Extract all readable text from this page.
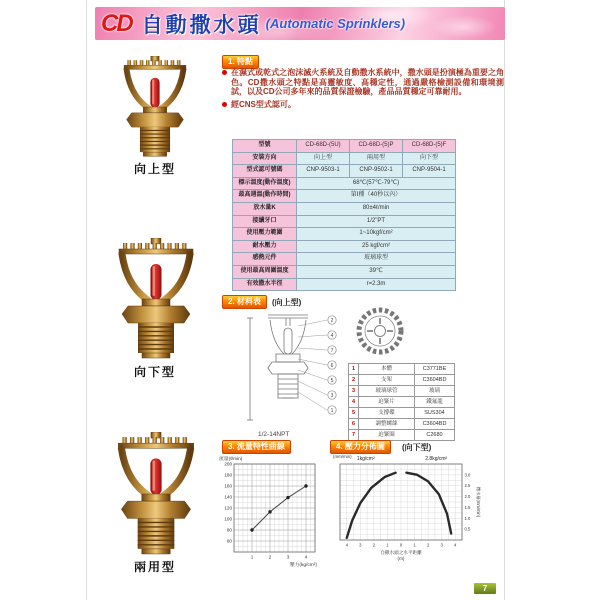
CD 自動撒水頭 (Automatic Sprinklers)
向上型
向下型
兩用型
1. 特點
在濕式或乾式之泡沫滅火系統及自動撒水系統中，撒水頭是扮演極為重要之角色。CD撒水頭之特點是高靈敏度、高穩定性，通過嚴格檢測設備和環境測試，以及CD公司多年來的品質保證檢驗，產品品質穩定可靠耐用。
經CNS型式認可。
型號	CD-68D-(5U)	CD-68D-(5)P	CD-68D-(5)F
安裝方向	向上型	兩用型	向下型
型式認可號碼	CNP-9503-1	CNP-9502-1	CNP-9504-1
標示溫度(動作溫度)	68℃(57℃-79℃)		
最高週溫(動作時間)	第Ⅰ種（40秒以內）		
放水量K	80±4ℓ/min		
接續牙口	1/2"PT		
使用壓力範圍	1~10kgf/cm²		
耐水壓力	25 kgf/cm²		
感熱元件	玻璃球型		
使用最高周圍溫度	39℃		
有效撒水半徑	r=2.3m		
2. 材料表	(向上型)
2
4
7
6
5
3
1
1/2-14NPT
1	本體	C3771BE
2	支架	C3604BD
3	玻璃球管	玻璃
4	迫緊片	鐵氟龍
5	支撐碟	SUS304
6	調整螺絲	C3604BD
7	迫緊圈	C2680
3. 流量特性曲線
60
80
100
120
140
160
180
200
1	2	3	4
流量(ℓ/min)
壓力(kg/cm²)
4. 壓力分佈圖	(向下型)
1kg/cm²	2.8kg/cm²
(mm/min)
0.5
1.0
1.5
2.0
2.5
3.0
4	3	2	1	0	1	2	3	4
自撒水頭之水平距離
(m)
撒水量(mm/min)
7
